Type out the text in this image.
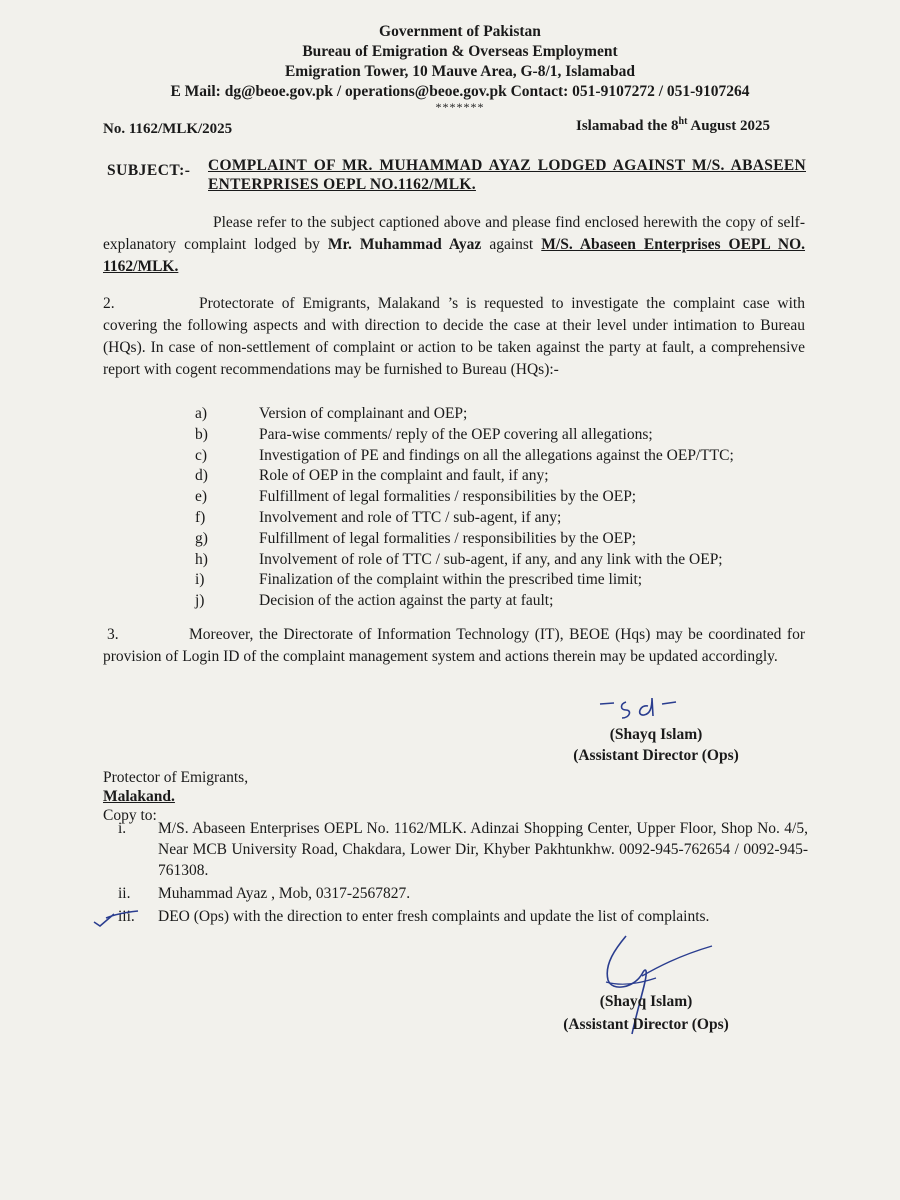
Government of Pakistan
Bureau of Emigration & Overseas Employment
Emigration Tower, 10 Mauve Area, G-8/1, Islamabad
E Mail: dg@beoe.gov.pk / operations@beoe.gov.pk Contact: 051-9107272 / 051-9107264
*******
No. 1162/MLK/2025	Islamabad the $8^{ht}$ August 2025
SUBJECT:- COMPLAINT OF MR. MUHAMMAD AYAZ LODGED AGAINST M/S. ABASEEN ENTERPRISES OEPL NO.1162/MLK.
Please refer to the subject captioned above and please find enclosed herewith the copy of self-explanatory complaint lodged by Mr. Muhammad Ayaz against M/S. Abaseen Enterprises OEPL NO. 1162/MLK.
2.	Protectorate of Emigrants, Malakand ’s is requested to investigate the complaint case with covering the following aspects and with direction to decide the case at their level under intimation to Bureau (HQs). In case of non-settlement of complaint or action to be taken against the party at fault, a comprehensive report with cogent recommendations may be furnished to Bureau (HQs):-
a)	Version of complainant and OEP;
b)	Para-wise comments/ reply of the OEP covering all allegations;
c)	Investigation of PE and findings on all the allegations against the OEP/TTC;
d)	Role of OEP in the complaint and fault, if any;
e)	Fulfillment of legal formalities / responsibilities by the OEP;
f)	Involvement and role of TTC / sub-agent, if any;
g)	Fulfillment of legal formalities / responsibilities by the OEP;
h)	Involvement of role of TTC / sub-agent, if any, and any link with the OEP;
i)	Finalization of the complaint within the prescribed time limit;
j)	Decision of the action against the party at fault;
3.	Moreover, the Directorate of Information Technology (IT), BEOE (Hqs) may be coordinated for provision of Login ID of the complaint management system and actions therein may be updated accordingly.
(Shayq Islam)
(Assistant Director (Ops)
Protector of Emigrants,
Malakand.
Copy to:
i.	M/S. Abaseen Enterprises OEPL No. 1162/MLK. Adinzai Shopping Center, Upper Floor, Shop No. 4/5, Near MCB University Road, Chakdara, Lower Dir, Khyber Pakhtunkhw. 0092-945-762654 / 0092-945-761308.
ii.	Muhammad Ayaz , Mob, 0317-2567827.
iii.	DEO (Ops) with the direction to enter fresh complaints and update the list of complaints.
(Shayq Islam)
(Assistant Director (Ops)
